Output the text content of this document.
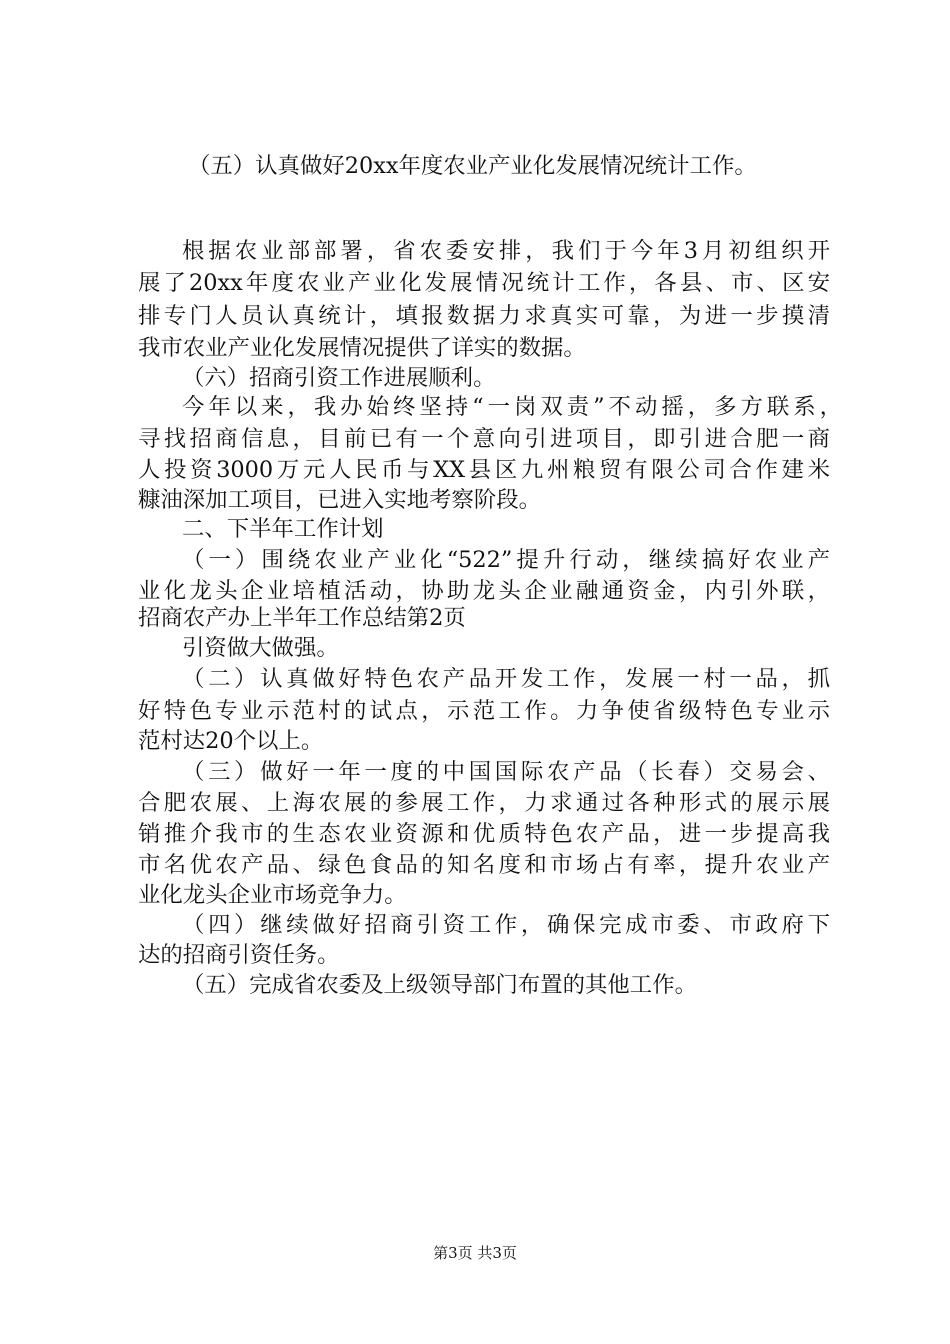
（五）认真做好20xx年度农业产业化发展情况统计工作。
根据农业部部署，省农委安排，我们于今年3月初组织开
展了20xx年度农业产业化发展情况统计工作，各县、市、区安
排专门人员认真统计，填报数据力求真实可靠，为进一步摸清
我市农业产业化发展情况提供了详实的数据。
（六）招商引资工作进展顺利。
今年以来，我办始终坚持“一岗双责”不动摇，多方联系，
寻找招商信息，目前已有一个意向引进项目，即引进合肥一商
人投资3000万元人民币与XX县区九州粮贸有限公司合作建米
糠油深加工项目，已进入实地考察阶段。
二、下半年工作计划
（一）围绕农业产业化“522”提升行动，继续搞好农业产
业化龙头企业培植活动，协助龙头企业融通资金，内引外联，
招商农产办上半年工作总结第2页
引资做大做强。
（二）认真做好特色农产品开发工作，发展一村一品，抓
好特色专业示范村的试点，示范工作。力争使省级特色专业示
范村达20个以上。
（三）做好一年一度的中国国际农产品（长春）交易会、
合肥农展、上海农展的参展工作，力求通过各种形式的展示展
销推介我市的生态农业资源和优质特色农产品，进一步提高我
市名优农产品、绿色食品的知名度和市场占有率，提升农业产
业化龙头企业市场竞争力。
（四）继续做好招商引资工作，确保完成市委、市政府下
达的招商引资任务。
（五）完成省农委及上级领导部门布置的其他工作。
第3页 共3页
